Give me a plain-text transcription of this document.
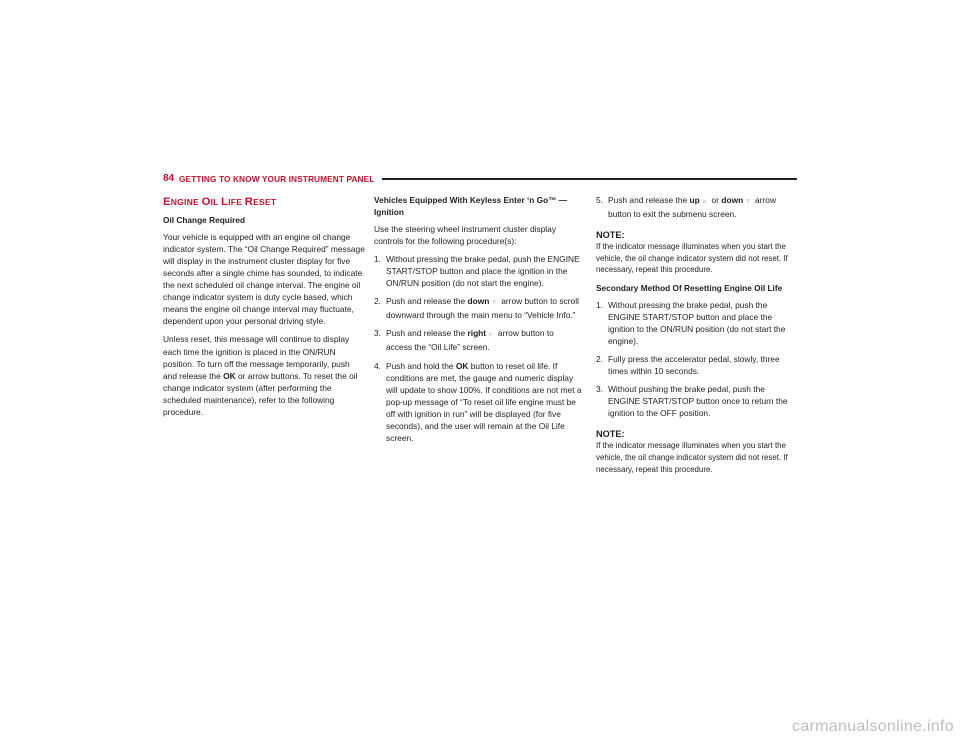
84 GETTING TO KNOW YOUR INSTRUMENT PANEL
ENGINE OIL LIFE RESET
Oil Change Required

Your vehicle is equipped with an engine oil change indicator system. The “Oil Change Required” message will display in the instrument cluster display for five seconds after a single chime has sounded, to indicate the next scheduled oil change interval. The engine oil change indicator system is duty cycle based, which means the engine oil change interval may fluctuate, dependent upon your personal driving style.

Unless reset, this message will continue to display each time the ignition is placed in the ON/RUN position. To turn off the message temporarily, push and release the OK or arrow buttons. To reset the oil change indicator system (after performing the scheduled maintenance), refer to the following procedure.

Vehicles Equipped With Keyless Enter ‘n Go™ — Ignition

Use the steering wheel instrument cluster display controls for the following procedure(s):

1. Without pressing the brake pedal, push the ENGINE START/STOP button and place the ignition in the ON/RUN position (do not start the engine).
2. Push and release the down ▿ arrow button to scroll downward through the main menu to “Vehicle Info.”
3. Push and release the right ▹ arrow button to access the “Oil Life” screen.
4. Push and hold the OK button to reset oil life. If conditions are met, the gauge and numeric display will update to show 100%. If conditions are not met a pop-up message of “To reset oil life engine must be off with ignition in run” will be displayed (for five seconds), and the user will remain at the Oil Life screen.
5. Push and release the up ▵ or down ▿ arrow button to exit the submenu screen.
NOTE:

If the indicator message illuminates when you start the vehicle, the oil change indicator system did not reset. If necessary, repeat this procedure.

Secondary Method Of Resetting Engine Oil Life
1. Without pressing the brake pedal, push the ENGINE START/STOP button and place the ignition to the ON/RUN position (do not start the engine).
2. Fully press the accelerator pedal, slowly, three times within 10 seconds.
3. Without pushing the brake pedal, push the ENGINE START/STOP button once to return the ignition to the OFF position.
NOTE:

If the indicator message illuminates when you start the vehicle, the oil change indicator system did not reset. If necessary, repeat this procedure.

carmanualsonline.info
